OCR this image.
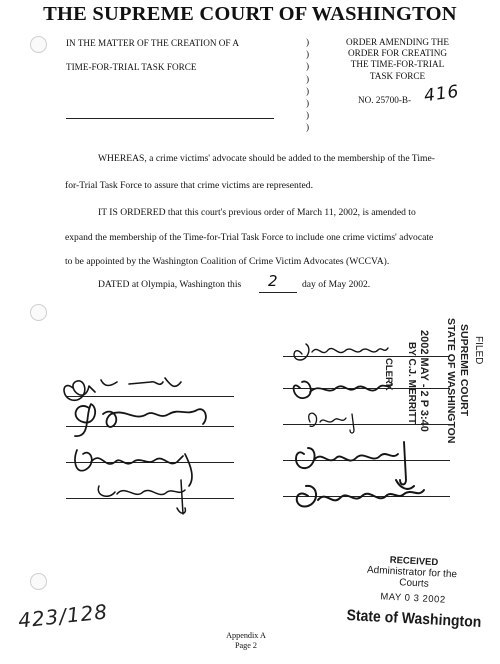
THE SUPREME COURT OF WASHINGTON
IN THE MATTER OF THE CREATION OF A
TIME-FOR-TRIAL TASK FORCE
)
)
)
)
)
)
)
)
ORDER AMENDING THE
ORDER FOR CREATING
THE TIME-FOR-TRIAL
TASK FORCE
NO. 25700-B- 416
WHEREAS, a crime victims' advocate should be added to the membership of the Time-
for-Trial Task Force to assure that crime victims are represented.
IT IS ORDERED that this court's previous order of March 11, 2002, is amended to
expand the membership of the Time-for-Trial Task Force to include one crime victims' advocate
to be appointed by the Washington Coalition of Crime Victim Advocates (WCCVA).
DATED at Olympia, Washington this 2	day of May 2002.
FILED
SUPREME COURT
STATE OF WASHINGTON
2002 MAY - 2 P 3:40
BY C.J. MERRITT
CLERK
RECEIVED
Administrator for the
Courts
MAY 0 3 2002
State of Washington
423/128
Appendix A
Page 2
